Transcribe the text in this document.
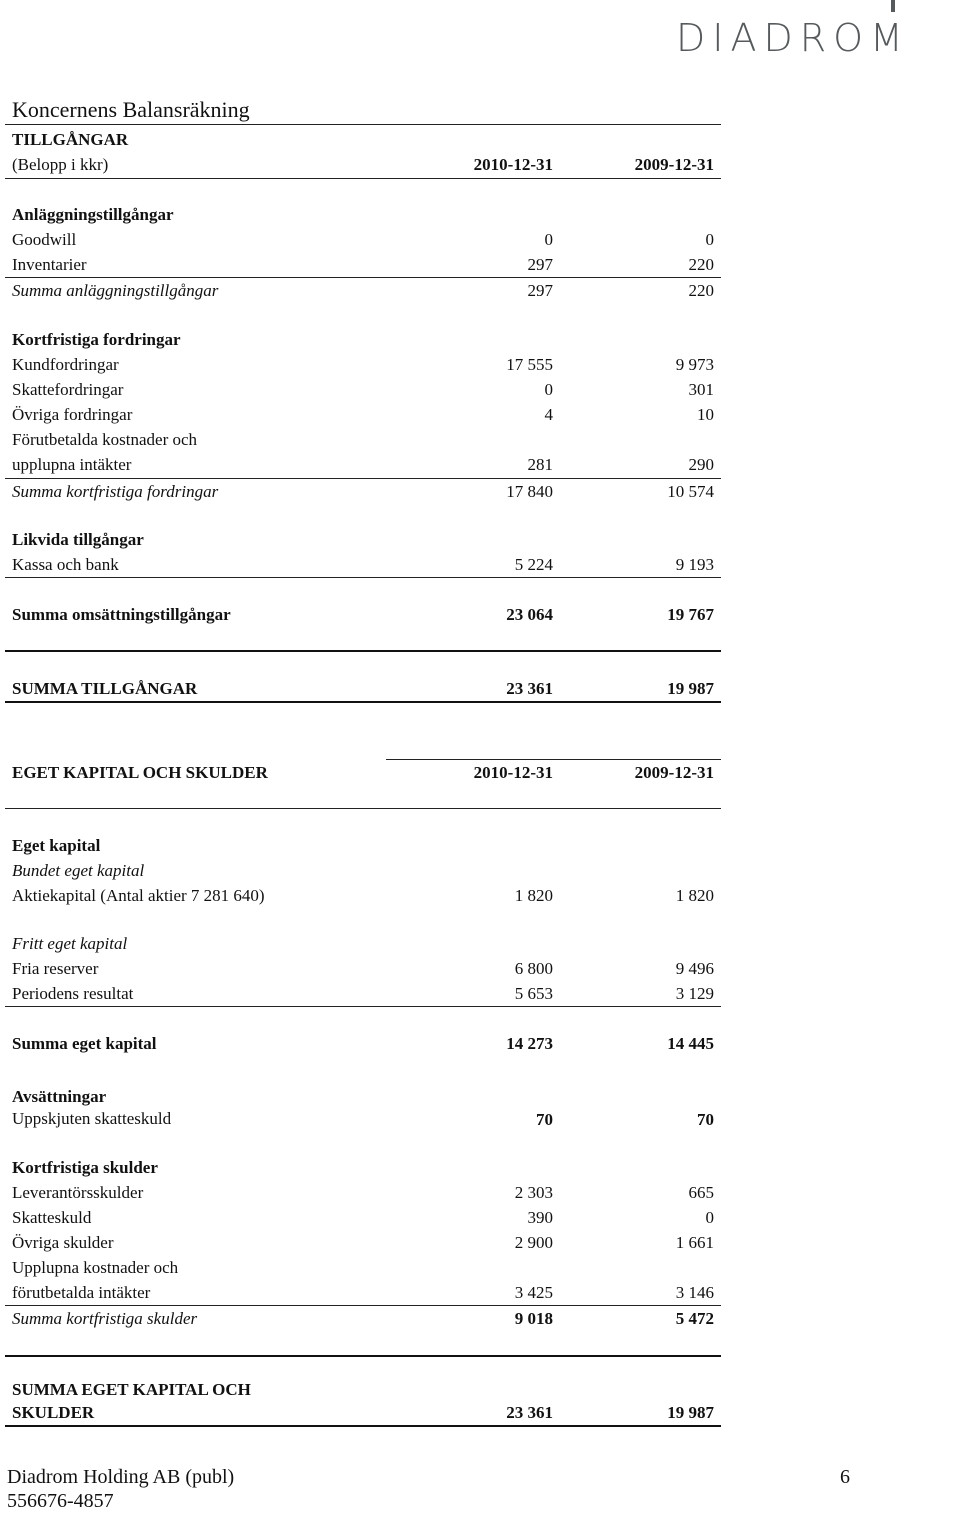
DIADROM
Koncernens Balansräkning
TILLGÅNGAR
(Belopp i kkr)	2010-12-31	2009-12-31
Anläggningstillgångar
Goodwill	0	0
Inventarier	297	220
Summa anläggningstillgångar	297	220
Kortfristiga fordringar
Kundfordringar	17 555	9 973
Skattefordringar	0	301
Övriga fordringar	4	10
Förutbetalda kostnader och
upplupna intäkter	281	290
Summa kortfristiga fordringar	17 840	10 574
Likvida tillgångar
Kassa och bank	5 224	9 193
Summa omsättningstillgångar	23 064	19 767
SUMMA TILLGÅNGAR	23 361	19 987
EGET KAPITAL OCH SKULDER	2010-12-31	2009-12-31
Eget kapital
Bundet eget kapital
Aktiekapital (Antal aktier 7 281 640)	1 820	1 820
Fritt eget kapital
Fria reserver	6 800	9 496
Periodens resultat	5 653	3 129
Summa eget kapital	14 273	14 445
Avsättningar
Uppskjuten skatteskuld	70	70
Kortfristiga skulder
Leverantörsskulder	2 303	665
Skatteskuld	390	0
Övriga skulder	2 900	1 661
Upplupna kostnader och
förutbetalda intäkter	3 425	3 146
Summa kortfristiga skulder	9 018	5 472
SUMMA EGET KAPITAL OCH
SKULDER	23 361	19 987
Diadrom Holding AB (publ)
556676-4857
6
